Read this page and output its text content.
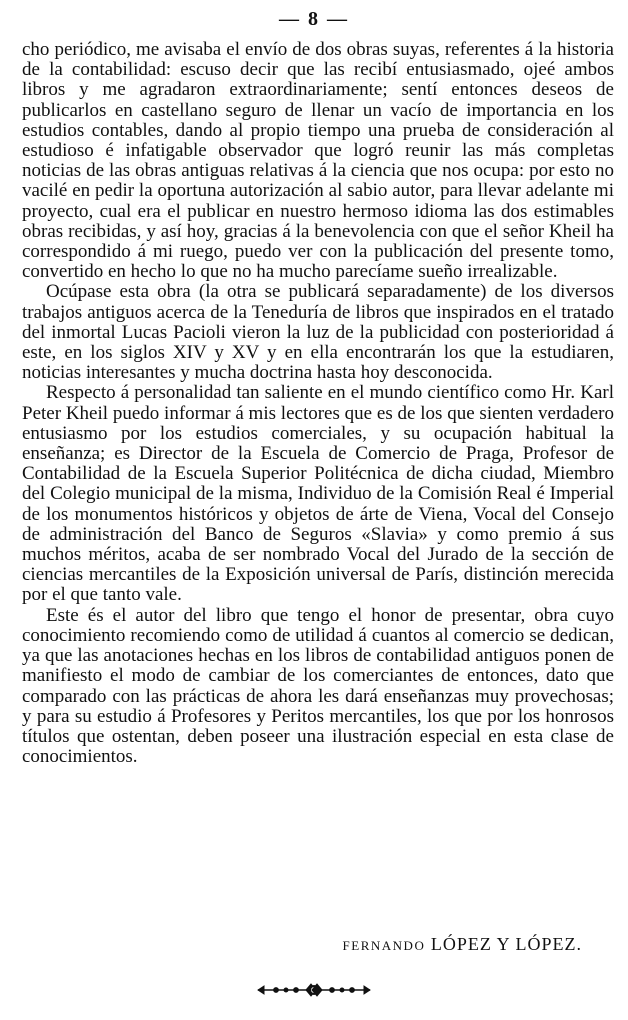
— 8 —

cho periódico, me avisaba el envío de dos obras suyas, referentes á la historia de la contabilidad: escuso decir que las recibí entusiasmado, ojeé ambos libros y me agradaron extraordinariamente; sentí entonces deseos de publicarlos en castellano seguro de llenar un vacío de importancia en los estudios contables, dando al propio tiempo una prueba de consideración al estudioso é infatigable observador que logró reunir las más completas noticias de las obras antiguas relativas á la ciencia que nos ocupa: por esto no vacilé en pedir la oportuna autorización al sabio autor, para llevar adelante mi proyecto, cual era el publicar en nuestro hermoso idioma las dos estimables obras recibidas, y así hoy, gracias á la benevolencia con que el señor Kheil ha correspondido á mi ruego, puedo ver con la publicación del presente tomo, convertido en hecho lo que no ha mucho parecíame sueño irrealizable.

Ocúpase esta obra (la otra se publicará separadamente) de los diversos trabajos antiguos acerca de la Teneduría de libros que inspirados en el tratado del inmortal Lucas Pacioli vieron la luz de la publicidad con posterioridad á este, en los siglos XIV y XV y en ella encontrarán los que la estudiaren, noticias interesantes y mucha doctrina hasta hoy desconocida.

Respecto á personalidad tan saliente en el mundo científico como Hr. Karl Peter Kheil puedo informar á mis lectores que es de los que sienten verdadero entusiasmo por los estudios comerciales, y su ocupación habitual la enseñanza; es Director de la Escuela de Comercio de Praga, Profesor de Contabilidad de la Escuela Superior Politécnica de dicha ciudad, Miembro del Colegio municipal de la misma, Individuo de la Comisión Real é Imperial de los monumentos históricos y objetos de árte de Viena, Vocal del Consejo de administración del Banco de Seguros «Slavia» y como premio á sus muchos méritos, acaba de ser nombrado Vocal del Jurado de la sección de ciencias mercantiles de la Exposición universal de París, distinción merecida por el que tanto vale.

Este és el autor del libro que tengo el honor de presentar, obra cuyo conocimiento recomiendo como de utilidad á cuantos al comercio se dedican, ya que las anotaciones hechas en los libros de contabilidad antiguos ponen de manifiesto el modo de cambiar de los comerciantes de entonces, dato que comparado con las prácticas de ahora les dará enseñanzas muy provechosas; y para su estudio á Profesores y Peritos mercantiles, los que por los honrosos títulos que ostentan, deben poseer una ilustración especial en esta clase de conocimientos.

FERNANDO LÓPEZ Y LÓPEZ.
